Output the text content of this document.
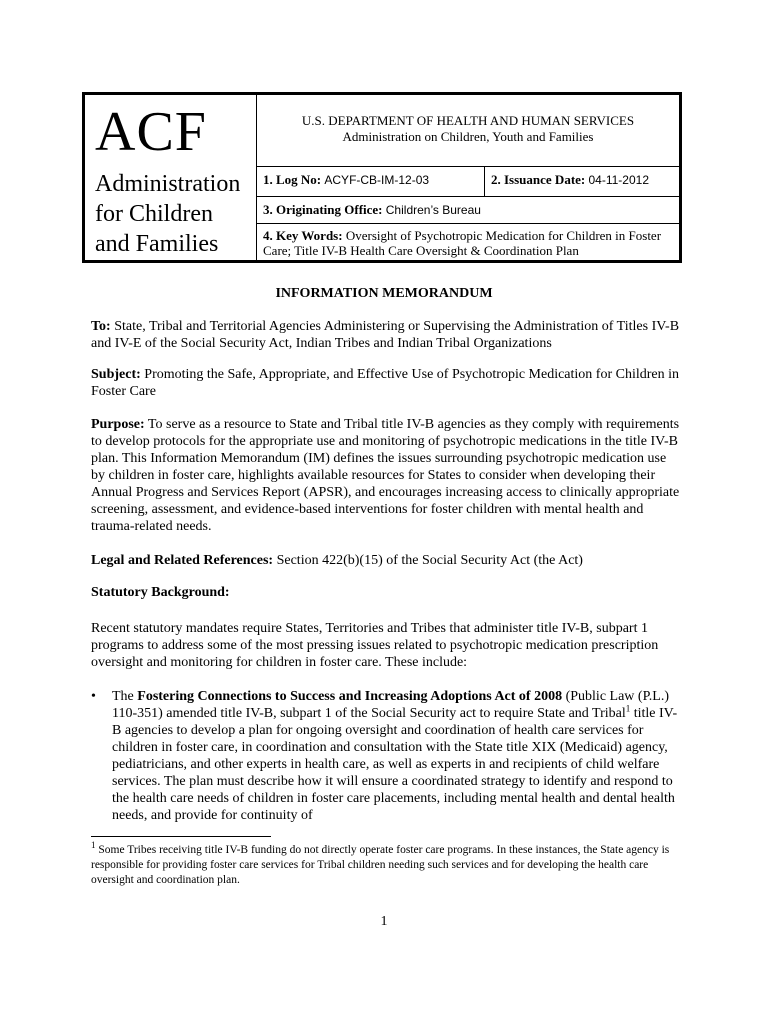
ACF
Administration
for Children
and Families
U.S. DEPARTMENT OF HEALTH AND HUMAN SERVICES
Administration on Children, Youth and Families
1. Log No: ACYF-CB-IM-12-03	2. Issuance Date: 04-11-2012
3. Originating Office: Children’s Bureau
4. Key Words: Oversight of Psychotropic Medication for Children in Foster Care; Title IV-B Health Care Oversight & Coordination Plan
INFORMATION MEMORANDUM
To: State, Tribal and Territorial Agencies Administering or Supervising the Administration of Titles IV-B and IV-E of the Social Security Act, Indian Tribes and Indian Tribal Organizations
Subject: Promoting the Safe, Appropriate, and Effective Use of Psychotropic Medication for Children in Foster Care
Purpose: To serve as a resource to State and Tribal title IV-B agencies as they comply with requirements to develop protocols for the appropriate use and monitoring of psychotropic medications in the title IV-B plan. This Information Memorandum (IM) defines the issues surrounding psychotropic medication use by children in foster care, highlights available resources for States to consider when developing their Annual Progress and Services Report (APSR), and encourages increasing access to clinically appropriate screening, assessment, and evidence-based interventions for foster children with mental health and trauma-related needs.
Legal and Related References: Section 422(b)(15) of the Social Security Act (the Act)
Statutory Background:
Recent statutory mandates require States, Territories and Tribes that administer title IV-B, subpart 1 programs to address some of the most pressing issues related to psychotropic medication prescription oversight and monitoring for children in foster care. These include:
• The Fostering Connections to Success and Increasing Adoptions Act of 2008 (Public Law (P.L.) 110-351) amended title IV-B, subpart 1 of the Social Security act to require State and Tribal$^1$ title IV-B agencies to develop a plan for ongoing oversight and coordination of health care services for children in foster care, in coordination and consultation with the State title XIX (Medicaid) agency, pediatricians, and other experts in health care, as well as experts in and recipients of child welfare services. The plan must describe how it will ensure a coordinated strategy to identify and respond to the health care needs of children in foster care placements, including mental health and dental health needs, and provide for continuity of
$^1$ Some Tribes receiving title IV-B funding do not directly operate foster care programs. In these instances, the State agency is responsible for providing foster care services for Tribal children needing such services and for developing the health care oversight and coordination plan.
1
